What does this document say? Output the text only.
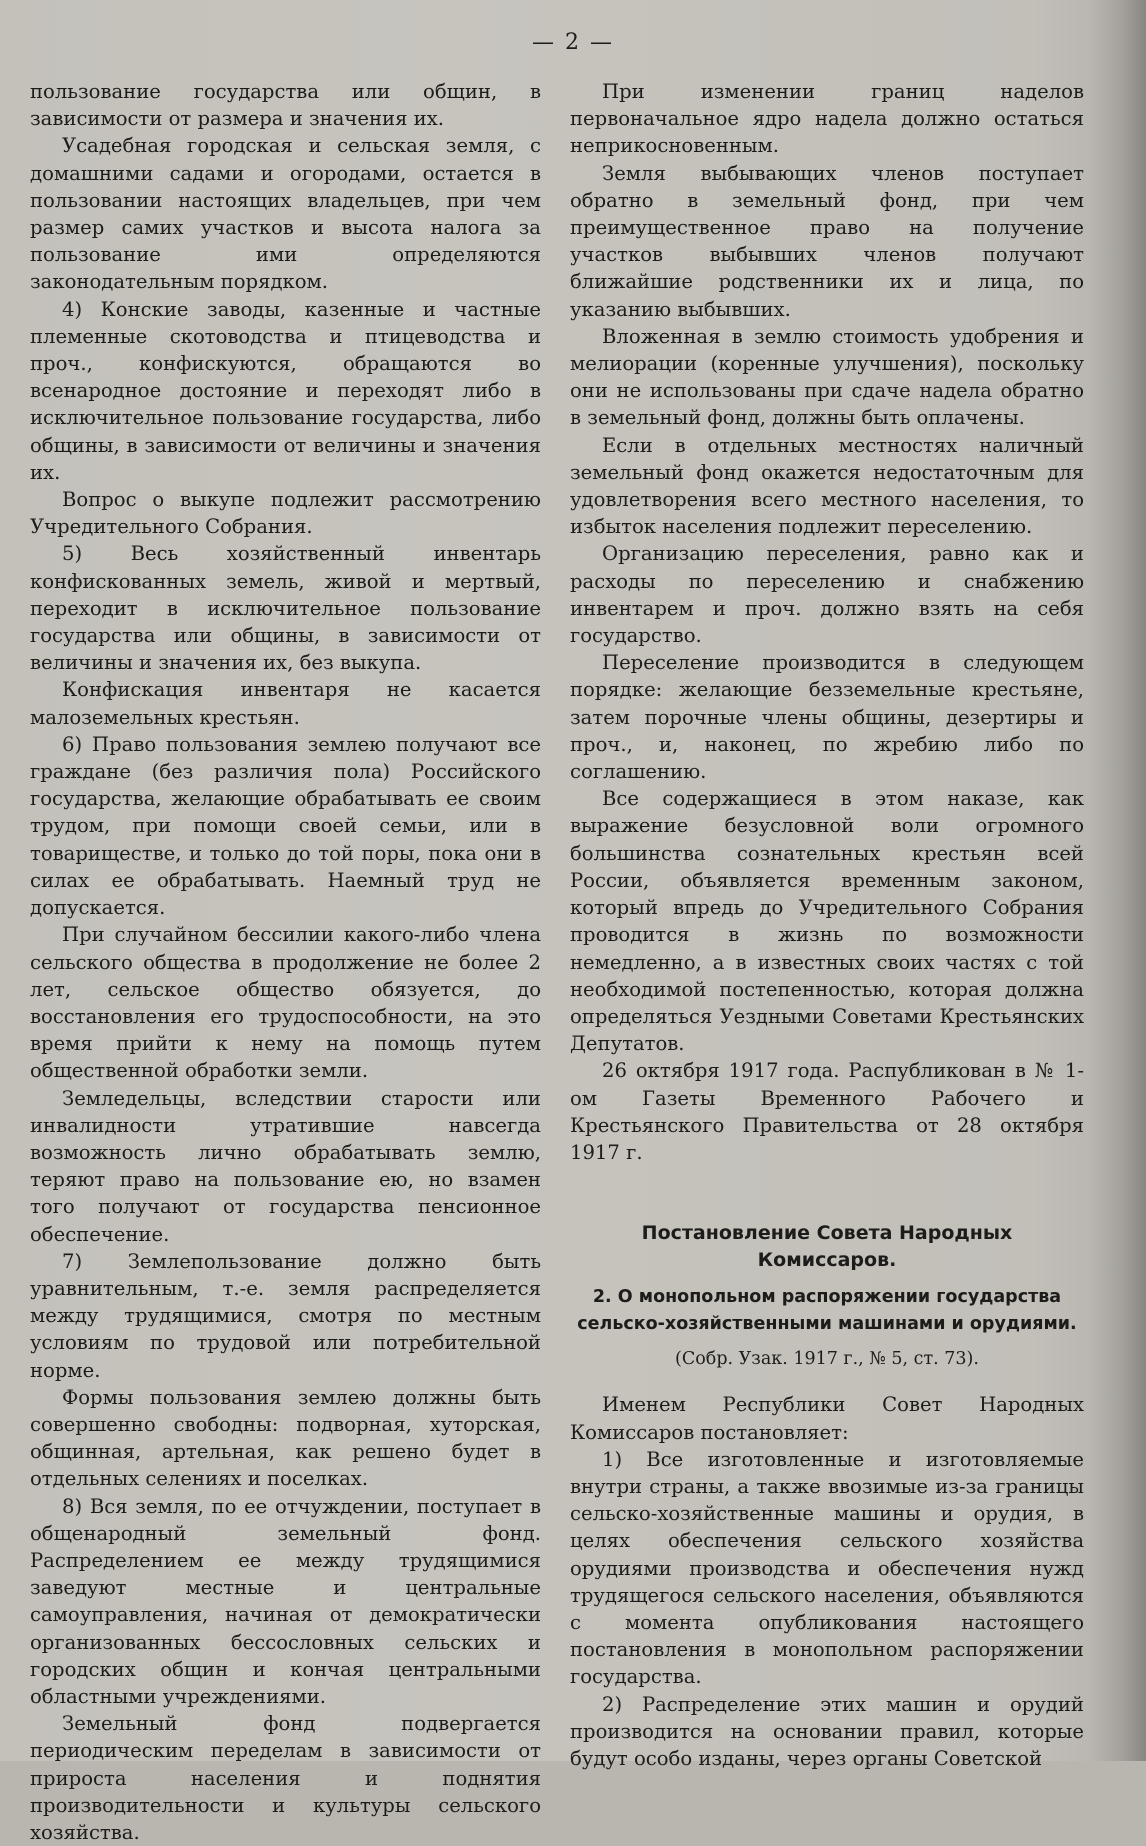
— 2 —

пользование государства или общин, в зависимости от размера и значения их.

Усадебная городская и сельская земля, с домашними садами и огородами, остается в пользовании настоящих владельцев, при чем размер самих участков и высота налога за пользование ими определяются законодательным порядком.

4) Конские заводы, казенные и частные племенные скотоводства и птицеводства и проч., конфискуются, обращаются во всенародное достояние и переходят либо в исключительное пользование государства, либо общины, в зависимости от величины и значения их.

Вопрос о выкупе подлежит рассмотрению Учредительного Собрания.

5) Весь хозяйственный инвентарь конфискованных земель, живой и мертвый, переходит в исключительное пользование государства или общины, в зависимости от величины и значения их, без выкупа.

Конфискация инвентаря не касается малоземельных крестьян.

6) Право пользования землею получают все граждане (без различия пола) Российского государства, желающие обрабатывать ее своим трудом, при помощи своей семьи, или в товариществе, и только до той поры, пока они в силах ее обрабатывать. Наемный труд не допускается.

При случайном бессилии какого-либо члена сельского общества в продолжение не более 2 лет, сельское общество обязуется, до восстановления его трудоспособности, на это время прийти к нему на помощь путем общественной обработки земли.

Земледельцы, вследствии старости или инвалидности утратившие навсегда возможность лично обрабатывать землю, теряют право на пользование ею, но взамен того получают от государства пенсионное обеспечение.

7) Землепользование должно быть уравнительным, т.-е. земля распределяется между трудящимися, смотря по местным условиям по трудовой или потребительной норме.

Формы пользования землею должны быть совершенно свободны: подворная, хуторская, общинная, артельная, как решено будет в отдельных селениях и поселках.

8) Вся земля, по ее отчуждении, поступает в общенародный земельный фонд. Распределением ее между трудящимися заведуют местные и центральные самоуправления, начиная от демократически организованных бессословных сельских и городских общин и кончая центральными областными учреждениями.

Земельный фонд подвергается периодическим переделам в зависимости от прироста населения и поднятия производительности и культуры сельского хозяйства.

При изменении границ наделов первоначальное ядро надела должно остаться неприкосновенным.

Земля выбывающих членов поступает обратно в земельный фонд, при чем преимущественное право на получение участков выбывших членов получают ближайшие родственники их и лица, по указанию выбывших.

Вложенная в землю стоимость удобрения и мелиорации (коренные улучшения), поскольку они не использованы при сдаче надела обратно в земельный фонд, должны быть оплачены.

Если в отдельных местностях наличный земельный фонд окажется недостаточным для удовлетворения всего местного населения, то избыток населения подлежит переселению.

Организацию переселения, равно как и расходы по переселению и снабжению инвентарем и проч. должно взять на себя государство.

Переселение производится в следующем порядке: желающие безземельные крестьяне, затем порочные члены общины, дезертиры и проч., и, наконец, по жребию либо по соглашению.

Все содержащиеся в этом наказе, как выражение безусловной воли огромного большинства сознательных крестьян всей России, объявляется временным законом, который впредь до Учредительного Собрания проводится в жизнь по возможности немедленно, а в известных своих частях с той необходимой постепенностью, которая должна определяться Уездными Советами Крестьянских Депутатов.

26 октября 1917 года. Распубликован в № 1-ом Газеты Временного Рабочего и Крестьянского Правительства от 28 октября 1917 г.

Постановление Совета Народных Комиссаров.

2. О монопольном распоряжении государства сельско-хозяйственными машинами и орудиями.

(Собр. Узак. 1917 г., № 5, ст. 73).

Именем Республики Совет Народных Комиссаров постановляет:

1) Все изготовленные и изготовляемые внутри страны, а также ввозимые из-за границы сельско-хозяйственные машины и орудия, в целях обеспечения сельского хозяйства орудиями производства и обеспечения нужд трудящегося сельского населения, объявляются с момента опубликования настоящего постановления в монопольном распоряжении государства.

2) Распределение этих машин и орудий производится на основании правил, которые будут особо изданы, через органы Советской
